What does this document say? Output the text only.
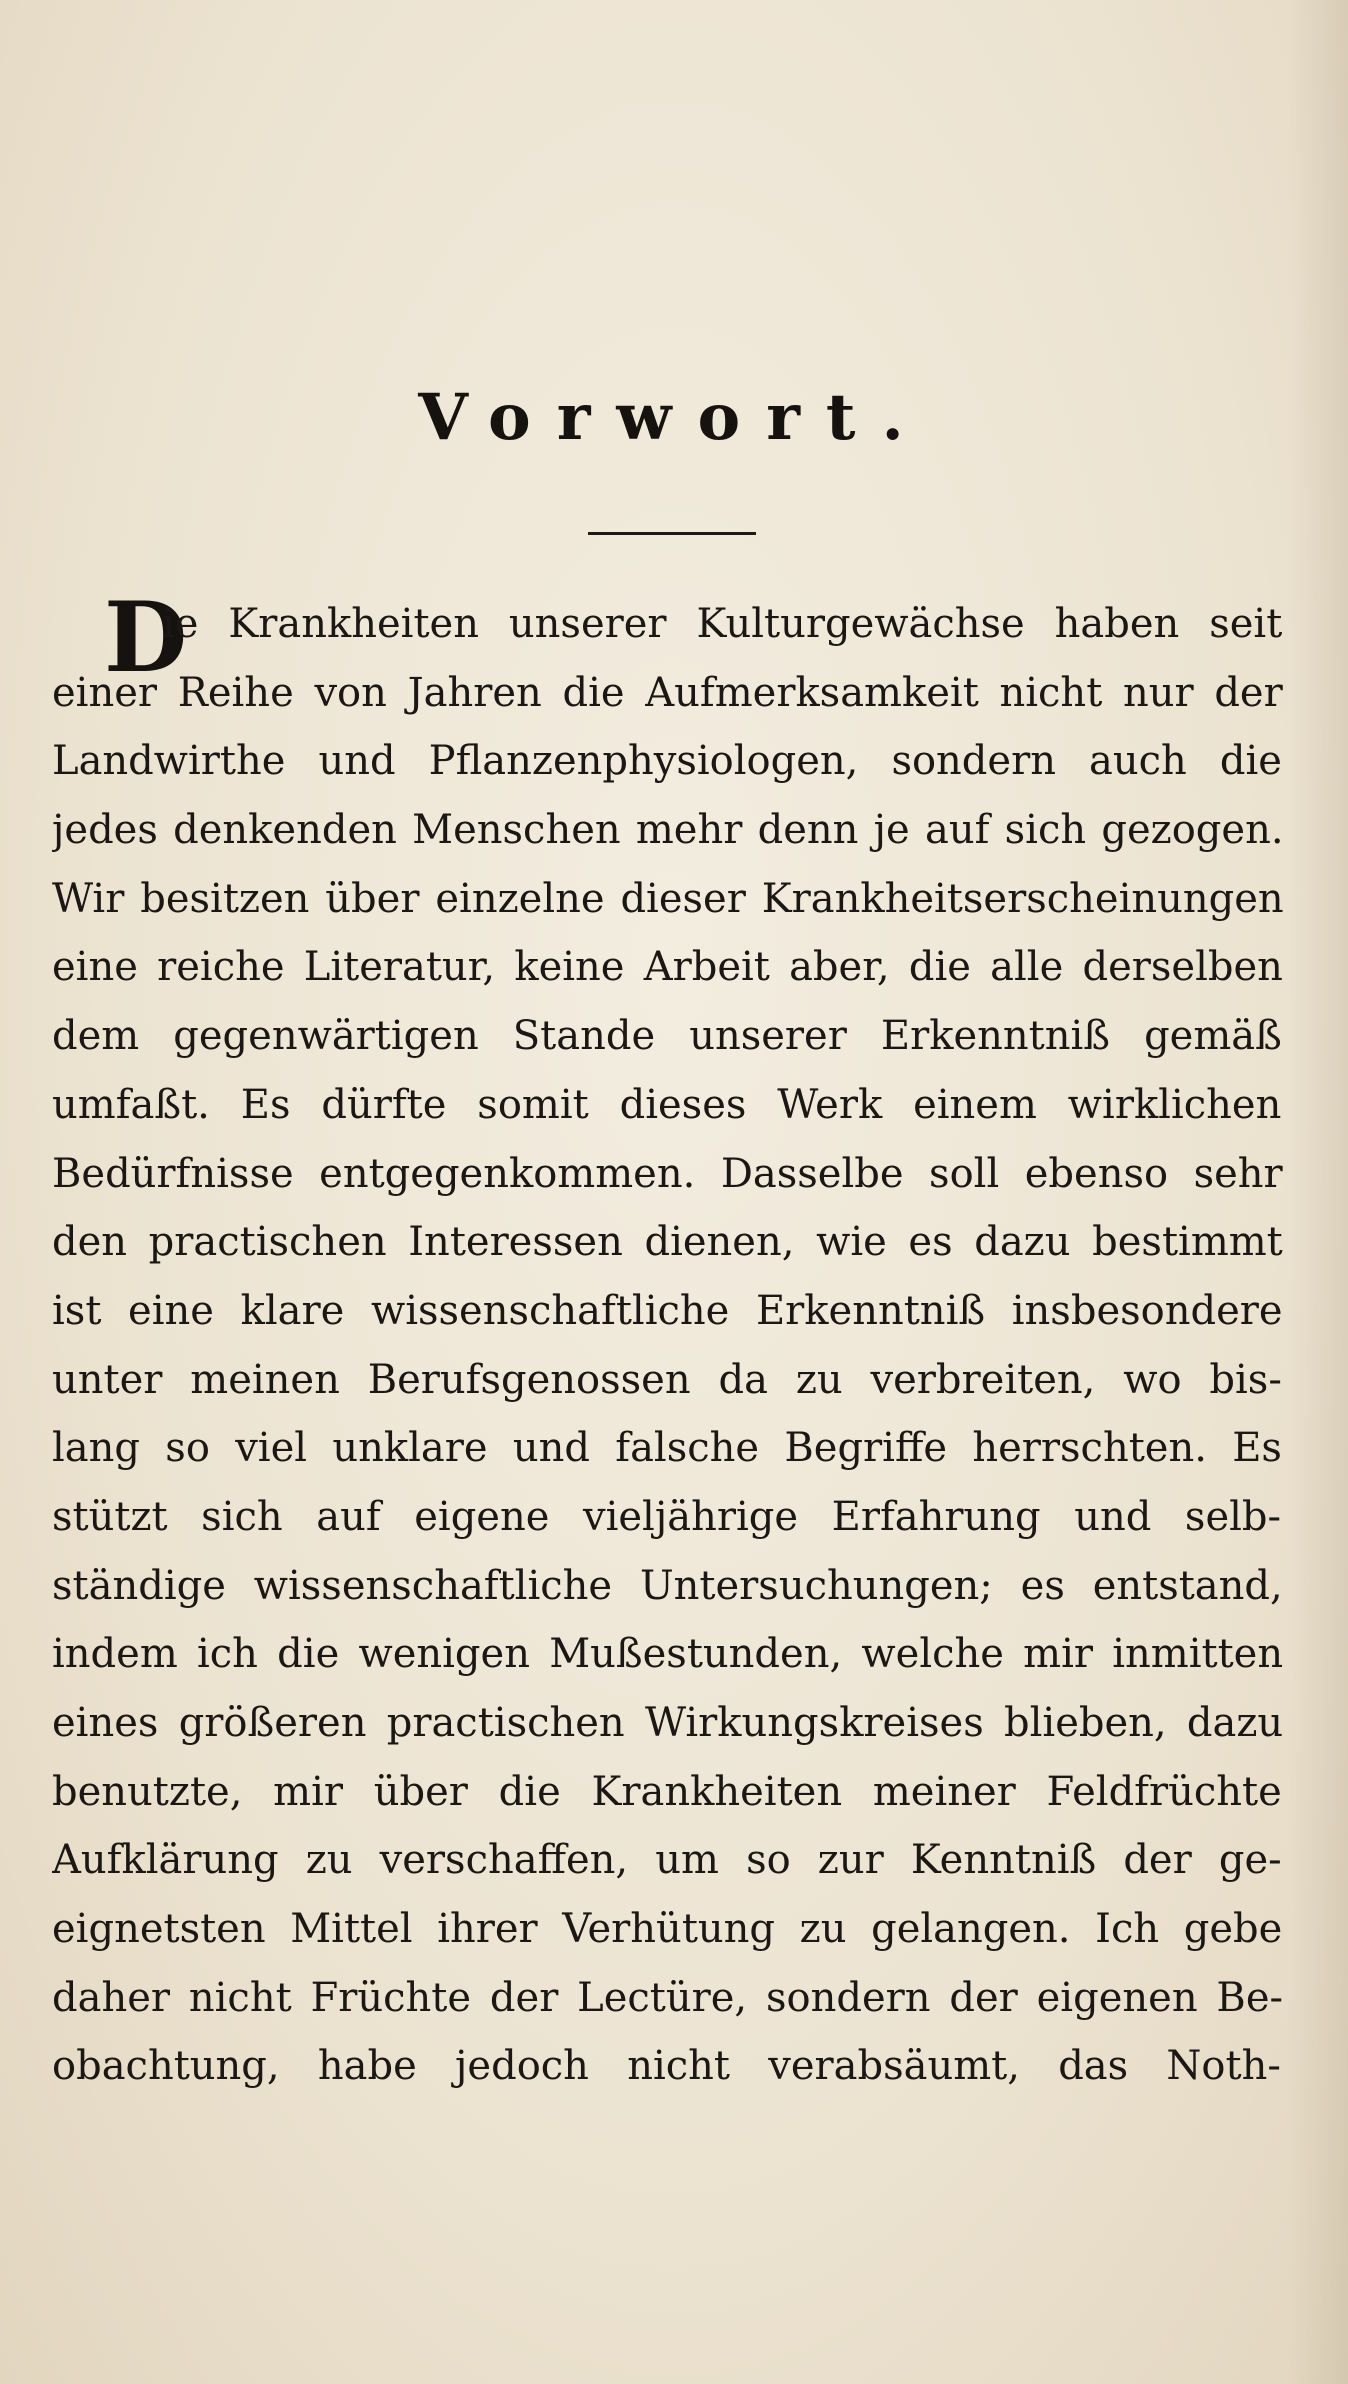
Vorwort.
D
ie Krankheiten unserer Kulturgewächse haben seit
einer Reihe von Jahren die Aufmerksamkeit nicht nur der
Landwirthe und Pflanzenphysiologen, sondern auch die
jedes denkenden Menschen mehr denn je auf sich gezogen.
Wir besitzen über einzelne dieser Krankheitserscheinungen
eine reiche Literatur, keine Arbeit aber, die alle derselben
dem gegenwärtigen Stande unserer Erkenntniß gemäß
umfaßt. Es dürfte somit dieses Werk einem wirklichen
Bedürfnisse entgegenkommen. Dasselbe soll ebenso sehr
den practischen Interessen dienen, wie es dazu bestimmt
ist eine klare wissenschaftliche Erkenntniß insbesondere
unter meinen Berufsgenossen da zu verbreiten, wo bis-
lang so viel unklare und falsche Begriffe herrschten. Es
stützt sich auf eigene vieljährige Erfahrung und selb-
ständige wissenschaftliche Untersuchungen; es entstand,
indem ich die wenigen Mußestunden, welche mir inmitten
eines größeren practischen Wirkungskreises blieben, dazu
benutzte, mir über die Krankheiten meiner Feldfrüchte
Aufklärung zu verschaffen, um so zur Kenntniß der ge-
eignetsten Mittel ihrer Verhütung zu gelangen. Ich gebe
daher nicht Früchte der Lectüre, sondern der eigenen Be-
obachtung, habe jedoch nicht verabsäumt, das Noth-
